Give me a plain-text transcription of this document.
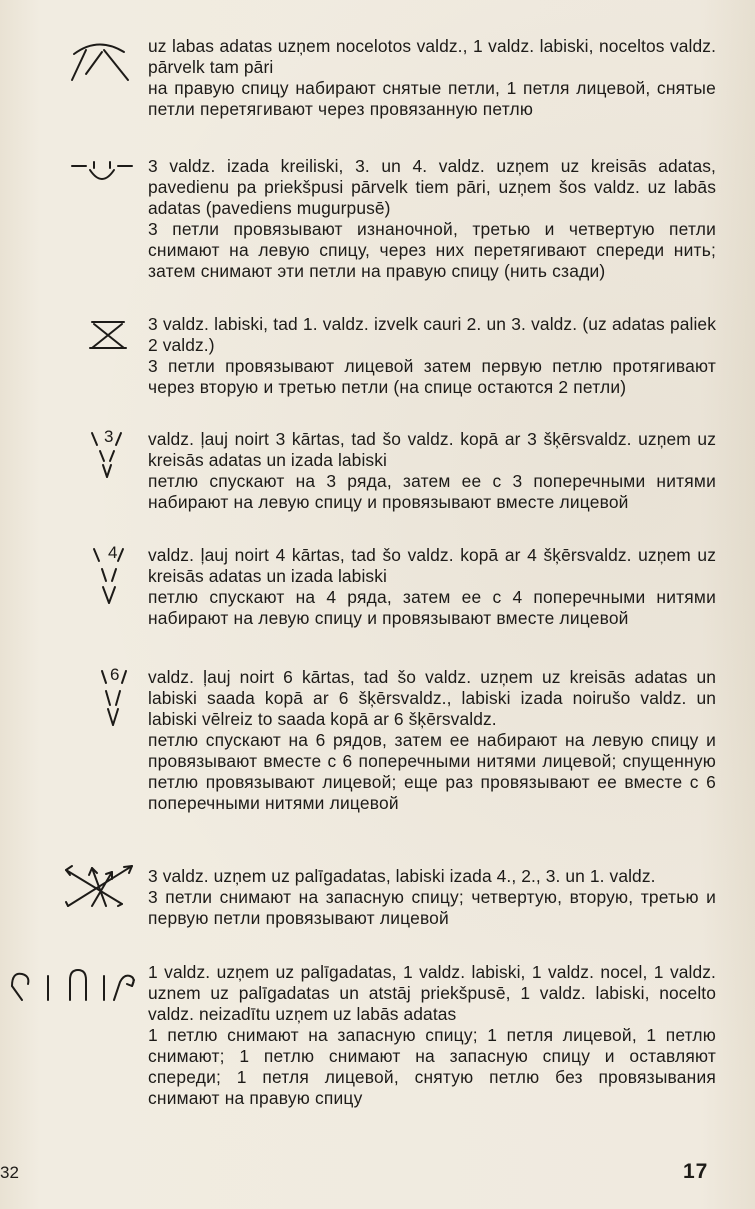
uz labas adatas uzņem nocelotos valdz., 1 valdz. labiski, noceltos valdz. pārvelk tam pāri

на правую спицу набирают снятые петли, 1 петля лицевой, снятые петли перетягивают через провязанную петлю

3 valdz. izada kreiliski, 3. un 4. valdz. uzņem uz kreisās adatas, pavedienu pa priekšpusi pārvelk tiem pāri, uzņem šos valdz. uz labās adatas (pavediens mugurpusē)

3 петли провязывают изнаночной, третью и четвертую петли снимают на левую спицу, через них перетягивают спереди нить; затем снимают эти петли на правую спицу (нить сзади)

3 valdz. labiski, tad 1. valdz. izvelk cauri 2. un 3. valdz. (uz adatas paliek 2 valdz.)

3 петли провязывают лицевой затем первую петлю протягивают через вторую и третью петли (на спице остаются 2 петли)

3 valdz. ļauj noirt 3 kārtas, tad šo valdz. kopā ar 3 šķērsvaldz. uzņem uz kreisās adatas un izada labiski

петлю спускают на 3 ряда, затем ее с 3 поперечными нитями набирают на левую спицу и провязывают вместе лицевой

4 valdz. ļauj noirt 4 kārtas, tad šo valdz. kopā ar 4 šķērsvaldz. uzņem uz kreisās adatas un izada labiski

петлю спускают на 4 ряда, затем ее с 4 поперечными нитями набирают на левую спицу и провязывают вместе лицевой

6 valdz. ļauj noirt 6 kārtas, tad šo valdz. uzņem uz kreisās adatas un labiski saada kopā ar 6 šķērsvaldz., labiski izada noirušo valdz. un labiski vēlreiz to saada kopā ar 6 šķērsvaldz.

петлю спускают на 6 рядов, затем ее набирают на левую спицу и провязывают вместе с 6 поперечными нитями лицевой; спущенную петлю провязывают лицевой; еще раз провязывают ее вместе с 6 поперечными нитями лицевой

3 valdz. uzņem uz palīgadatas, labiski izada 4., 2., 3. un 1. valdz.

3 петли снимают на запасную спицу; четвертую, вторую, третью и первую петли провязывают лицевой

1 valdz. uzņem uz palīgadatas, 1 valdz. labiski, 1 valdz. nocel, 1 valdz. uznem uz palīgadatas un atstāj priekšpusē, 1 valdz. labiski, nocelto valdz. neizadītu uzņem uz labās adatas

1 петлю снимают на запасную спицу; 1 петля лицевой, 1 петлю снимают; 1 петлю снимают на запасную спицу и оставляют спереди; 1 петля лицевой, снятую петлю без провязывания снимают на правую спицу

32	17
